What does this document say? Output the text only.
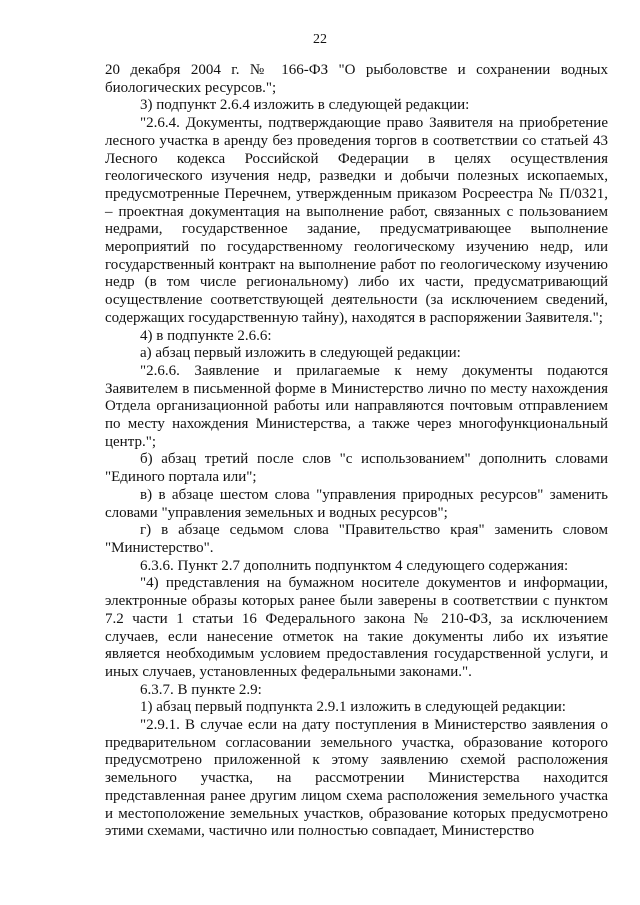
22

20 декабря 2004 г. № 166-ФЗ "О рыболовстве и сохранении водных биологических ресурсов.";

3) подпункт 2.6.4 изложить в следующей редакции:

"2.6.4. Документы, подтверждающие право Заявителя на приобретение лесного участка в аренду без проведения торгов в соответствии со статьей 43 Лесного кодекса Российской Федерации в целях осуществления геологического изучения недр, разведки и добычи полезных ископаемых, предусмотренные Перечнем, утвержденным приказом Росреестра № П/0321, – проектная документация на выполнение работ, связанных с пользованием недрами, государственное задание, предусматривающее выполнение мероприятий по государственному геологическому изучению недр, или государственный контракт на выполнение работ по геологическому изучению недр (в том числе региональному) либо их части, предусматривающий осуществление соответствующей деятельности (за исключением сведений, содержащих государственную тайну), находятся в распоряжении Заявителя.";

4) в подпункте 2.6.6:

а) абзац первый изложить в следующей редакции:

"2.6.6. Заявление и прилагаемые к нему документы подаются Заявителем в письменной форме в Министерство лично по месту нахождения Отдела организационной работы или направляются почтовым отправлением по месту нахождения Министерства, а также через многофункциональный центр.";

б) абзац третий после слов "с использованием" дополнить словами "Единого портала или";

в) в абзаце шестом слова "управления природных ресурсов" заменить словами "управления земельных и водных ресурсов";

г) в абзаце седьмом слова "Правительство края" заменить словом "Министерство".

6.3.6. Пункт 2.7 дополнить подпунктом 4 следующего содержания:

"4) представления на бумажном носителе документов и информации, электронные образы которых ранее были заверены в соответствии с пунктом 7.2 части 1 статьи 16 Федерального закона № 210-ФЗ, за исключением случаев, если нанесение отметок на такие документы либо их изъятие является необходимым условием предоставления государственной услуги, и иных случаев, установленных федеральными законами.".

6.3.7. В пункте 2.9:

1) абзац первый подпункта 2.9.1 изложить в следующей редакции:

"2.9.1. В случае если на дату поступления в Министерство заявления о предварительном согласовании земельного участка, образование которого предусмотрено приложенной к этому заявлению схемой расположения земельного участка, на рассмотрении Министерства находится представленная ранее другим лицом схема расположения земельного участка и местоположение земельных участков, образование которых предусмотрено этими схемами, частично или полностью совпадает, Министерство
